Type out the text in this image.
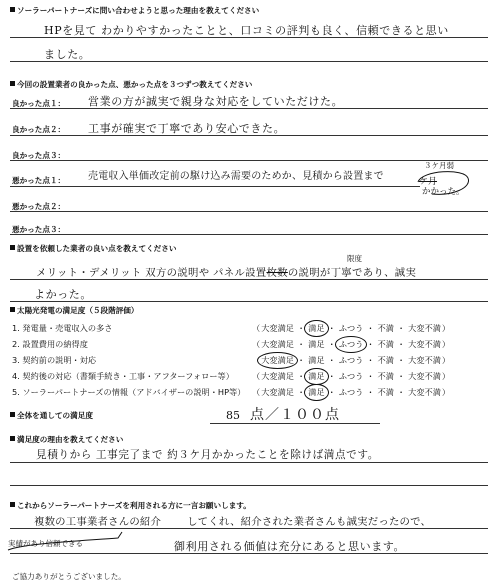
ソーラーパートナーズに問い合わせようと思った理由を教えてください
HPを見て わかりやすかったことと、口コミの評判も良く、信頼できると思い
ました。
今回の設置業者の良かった点、悪かった点を３つずつ教えてください
良かった点１： 営業の方が誠実で親身な対応をしていただけた。
良かった点２： 工事が確実で丁寧であり安心できた。
良かった点３：
悪かった点１： 売電収入単価改定前の駆け込み需要のためか、見積から設置まで	ケ月
３ケ月弱
かかった。
悪かった点２：
悪かった点３：
設置を依頼した業者の良い点を教えてください
限度
メリット・デメリット 双方の説明や パネル設置枚数の説明が丁寧であり、誠実
よかった。
太陽光発電の満足度（５段階評価）
1. 発電量・売電収入の多さ	（大変満足 ・ 満足 ・ ふつう ・ 不満 ・ 大変不満）
2. 設置費用の納得度	（大変満足 ・ 満足 ・ ふつう ・ 不満 ・ 大変不満）
3. 契約前の説明・対応	（大変満足 ・ 満足 ・ ふつう ・ 不満 ・ 大変不満）
4. 契約後の対応（書類手続き・工事・アフターフォロー等） （大変満足 ・ 満足 ・ ふつう ・ 不満 ・ 大変不満）
5. ソーラーパートナーズの情報（アドバイザーの説明・HP等） （大変満足 ・ 満足 ・ ふつう ・ 不満 ・ 大変不満）
全体を通しての満足度	85 点／１００点
満足度の理由を教えてください
見積りから 工事完了まで 約３ケ月かかったことを除けば満点です。
これからソーラーパートナーズを利用される方に一言お願いします。
複数の工事業者さんの紹介	してくれ、紹介された業者さんも誠実だったので、
実績があり信頼できる	御利用される価値は充分にあると思います。
ご協力ありがとうございました。
